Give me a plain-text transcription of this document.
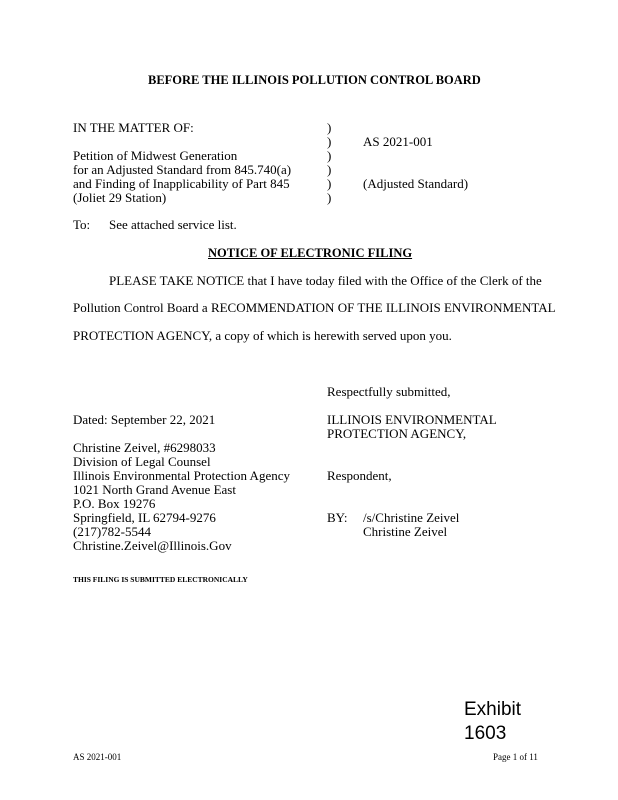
BEFORE THE ILLINOIS POLLUTION CONTROL BOARD
IN THE MATTER OF:
Petition of Midwest Generation
for an Adjusted Standard from 845.740(a)
and Finding of Inapplicability of Part 845
(Joliet 29 Station)
)
)
)
)
)
)
AS 2021-001
(Adjusted Standard)
To: See attached service list.
NOTICE OF ELECTRONIC FILING
PLEASE TAKE NOTICE that I have today filed with the Office of the Clerk of the
Pollution Control Board a RECOMMENDATION OF THE ILLINOIS ENVIRONMENTAL
PROTECTION AGENCY, a copy of which is herewith served upon you.
Respectfully submitted,
ILLINOIS ENVIRONMENTAL
PROTECTION AGENCY,
Respondent,
BY: /s/Christine Zeivel
Christine Zeivel
Dated: September 22, 2021
Christine Zeivel, #6298033
Division of Legal Counsel
Illinois Environmental Protection Agency
1021 North Grand Avenue East
P.O. Box 19276
Springfield, IL 62794-9276
(217)782-5544
Christine.Zeivel@Illinois.Gov
THIS FILING IS SUBMITTED ELECTRONICALLY
Exhibit
1603
AS 2021-001	Page 1 of 11
